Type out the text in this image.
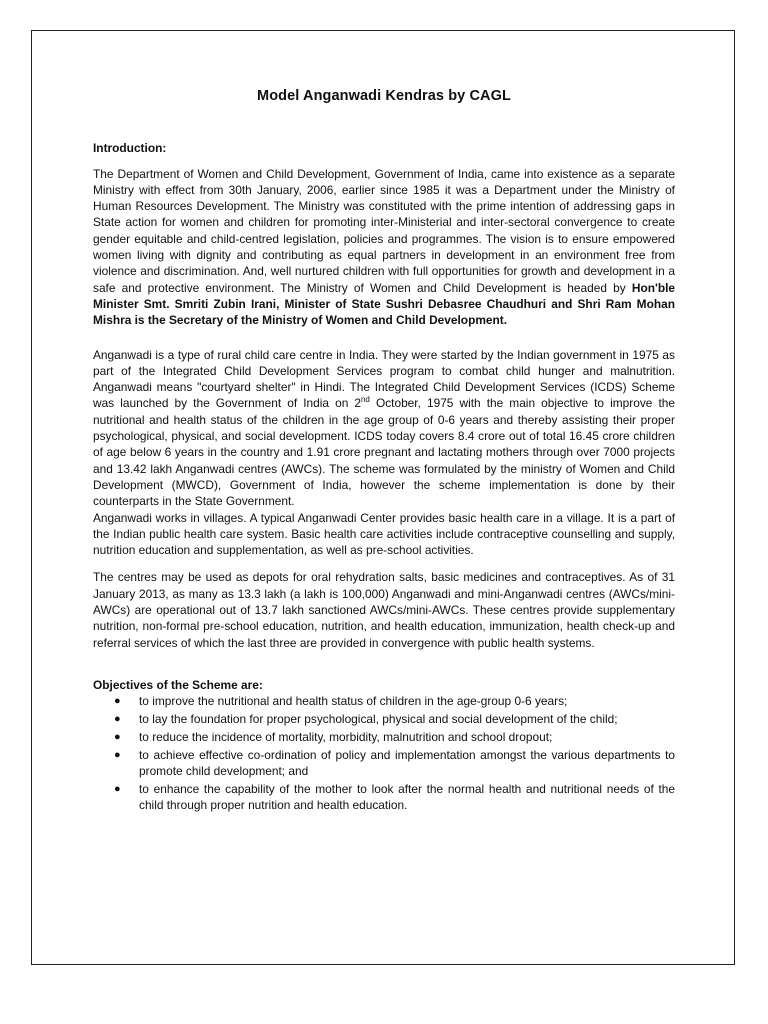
Model Anganwadi Kendras by CAGL
Introduction:

The Department of Women and Child Development, Government of India, came into existence as a separate Ministry with effect from 30th January, 2006, earlier since 1985 it was a Department under the Ministry of Human Resources Development. The Ministry was constituted with the prime intention of addressing gaps in State action for women and children for promoting inter-Ministerial and inter-sectoral convergence to create gender equitable and child-centred legislation, policies and programmes. The vision is to ensure empowered women living with dignity and contributing as equal partners in development in an environment free from violence and discrimination. And, well nurtured children with full opportunities for growth and development in a safe and protective environment. The Ministry of Women and Child Development is headed by Hon'ble Minister Smt. Smriti Zubin Irani, Minister of State Sushri Debasree Chaudhuri and Shri Ram Mohan Mishra is the Secretary of the Ministry of Women and Child Development.

Anganwadi is a type of rural child care centre in India. They were started by the Indian government in 1975 as part of the Integrated Child Development Services program to combat child hunger and malnutrition. Anganwadi means "courtyard shelter" in Hindi. The Integrated Child Development Services (ICDS) Scheme was launched by the Government of India on 2nd October, 1975 with the main objective to improve the nutritional and health status of the children in the age group of 0-6 years and thereby assisting their proper psychological, physical, and social development. ICDS today covers 8.4 crore out of total 16.45 crore children of age below 6 years in the country and 1.91 crore pregnant and lactating mothers through over 7000 projects and 13.42 lakh Anganwadi centres (AWCs). The scheme was formulated by the ministry of Women and Child Development (MWCD), Government of India, however the scheme implementation is done by their counterparts in the State Government.

Anganwadi works in villages. A typical Anganwadi Center provides basic health care in a village. It is a part of the Indian public health care system. Basic health care activities include contraceptive counselling and supply, nutrition education and supplementation, as well as pre-school activities.

The centres may be used as depots for oral rehydration salts, basic medicines and contraceptives. As of 31 January 2013, as many as 13.3 lakh (a lakh is 100,000) Anganwadi and mini-Anganwadi centres (AWCs/mini-AWCs) are operational out of 13.7 lakh sanctioned AWCs/mini-AWCs. These centres provide supplementary nutrition, non-formal pre-school education, nutrition, and health education, immunization, health check-up and referral services of which the last three are provided in convergence with public health systems.

Objectives of the Scheme are:
● to improve the nutritional and health status of children in the age-group 0-6 years;
● to lay the foundation for proper psychological, physical and social development of the child;
● to reduce the incidence of mortality, morbidity, malnutrition and school dropout;
● to achieve effective co-ordination of policy and implementation amongst the various departments to promote child development; and
● to enhance the capability of the mother to look after the normal health and nutritional needs of the child through proper nutrition and health education.
